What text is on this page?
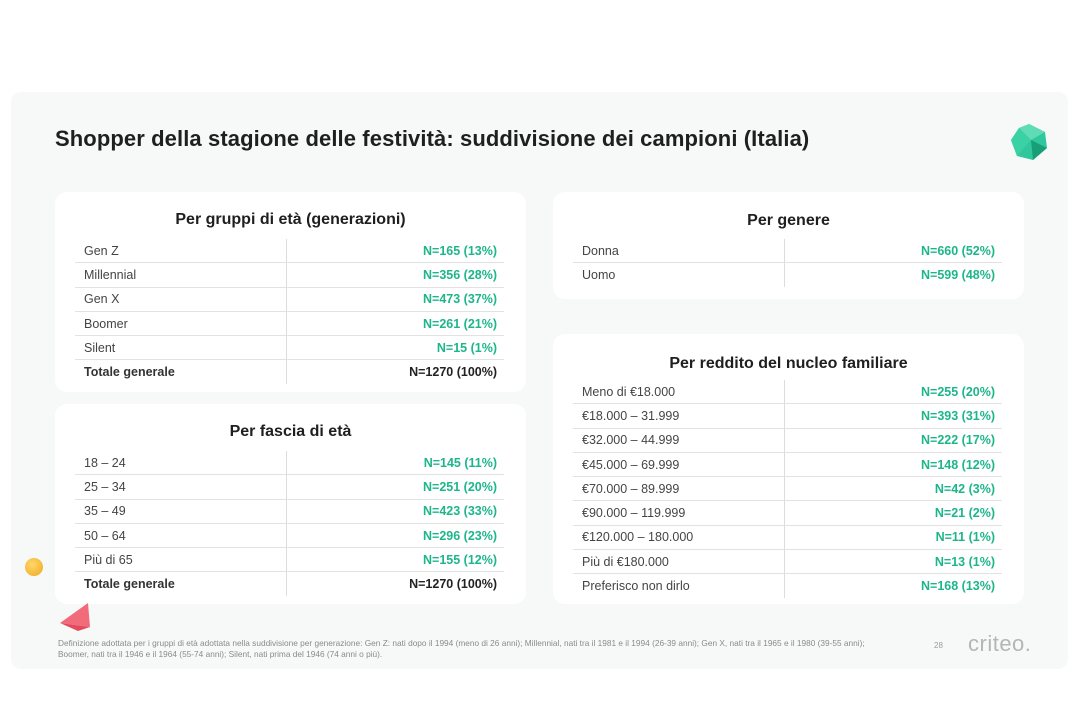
Shopper della stagione delle festività: suddivisione dei campioni (Italia)
Per gruppi di età (generazioni)
Gen Z	N=165 (13%)
Millennial	N=356 (28%)
Gen X	N=473 (37%)
Boomer	N=261 (21%)
Silent	N=15 (1%)
Totale generale	N=1270 (100%)
Per fascia di età
18 – 24	N=145 (11%)
25 – 34	N=251 (20%)
35 – 49	N=423 (33%)
50 – 64	N=296 (23%)
Più di 65	N=155 (12%)
Totale generale	N=1270 (100%)
Per genere
Donna	N=660 (52%)
Uomo	N=599 (48%)
Per reddito del nucleo familiare
Meno di €18.000	N=255 (20%)
€18.000 – 31.999	N=393 (31%)
€32.000 – 44.999	N=222 (17%)
€45.000 – 69.999	N=148 (12%)
€70.000 – 89.999	N=42 (3%)
€90.000 – 119.999	N=21 (2%)
€120.000 – 180.000	N=11 (1%)
Più di €180.000	N=13 (1%)
Preferisco non dirlo	N=168 (13%)
Definizione adottata per i gruppi di età adottata nella suddivisione per generazione: Gen Z: nati dopo il 1994 (meno di 26 anni); Millennial, nati tra il 1981 e il 1994 (26-39 anni); Gen X, nati tra il 1965 e il 1980 (39-55 anni); Boomer, nati tra il 1946 e il 1964 (55-74 anni); Silent, nati prima del 1946 (74 anni o più).
28 criteo.
